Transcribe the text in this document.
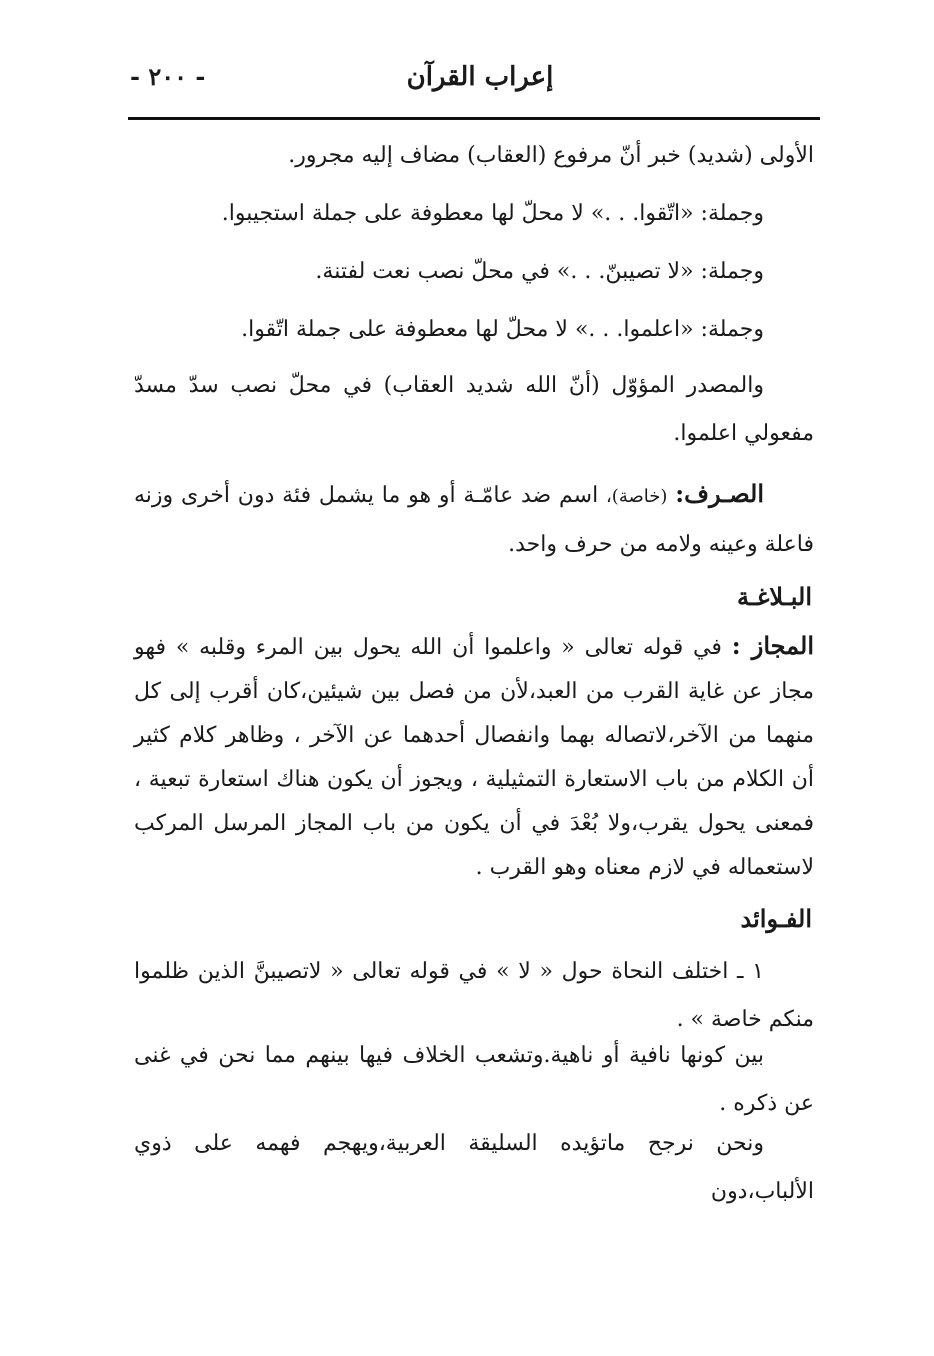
- ٢٠٠ -	إعراب القرآن

الأولى (شديد) خبر أنّ مرفوع (العقاب) مضاف إليه مجرور.

وجملة: «اتّقوا. . .» لا محلّ لها معطوفة على جملة استجيبوا.

وجملة: «لا تصيبنّ. . .» في محلّ نصب نعت لفتنة.

وجملة: «اعلموا. . .» لا محلّ لها معطوفة على جملة اتّقوا.

والمصدر المؤوّل (أنّ الله شديد العقاب) في محلّ نصب سدّ مسدّ مفعولي اعلموا.

الصـرف: (خاصة)، اسم ضد عامّـة أو هو ما يشمل فئة دون أخرى وزنه فاعلة وعينه ولامه من حرف واحد.

البـلاغـة

المجاز : في قوله تعالى « واعلموا أن الله يحول بين المرء وقلبه » فهو مجاز عن غاية القرب من العبد،لأن من فصل بين شيئين،كان أقرب إلى كل منهما من الآخر،لاتصاله بهما وانفصال أحدهما عن الآخر ، وظاهر كلام كثير أن الكلام من باب الاستعارة التمثيلية ، ويجوز أن يكون هناك استعارة تبعية ، فمعنى يحول يقرب،ولا بُعْدَ في أن يكون من باب المجاز المرسل المركب لاستعماله في لازم معناه وهو القرب .

الفـوائد

١ ـ اختلف النحاة حول « لا » في قوله تعالى « لاتصيبنَّ الذين ظلموا منكم خاصة » .

بين كونها نافية أو ناهية.وتشعب الخلاف فيها بينهم مما نحن في غنى عن ذكره .

ونحن نرجح ماتؤيده السليقة العربية،ويهجم فهمه على ذوي الألباب،دون
